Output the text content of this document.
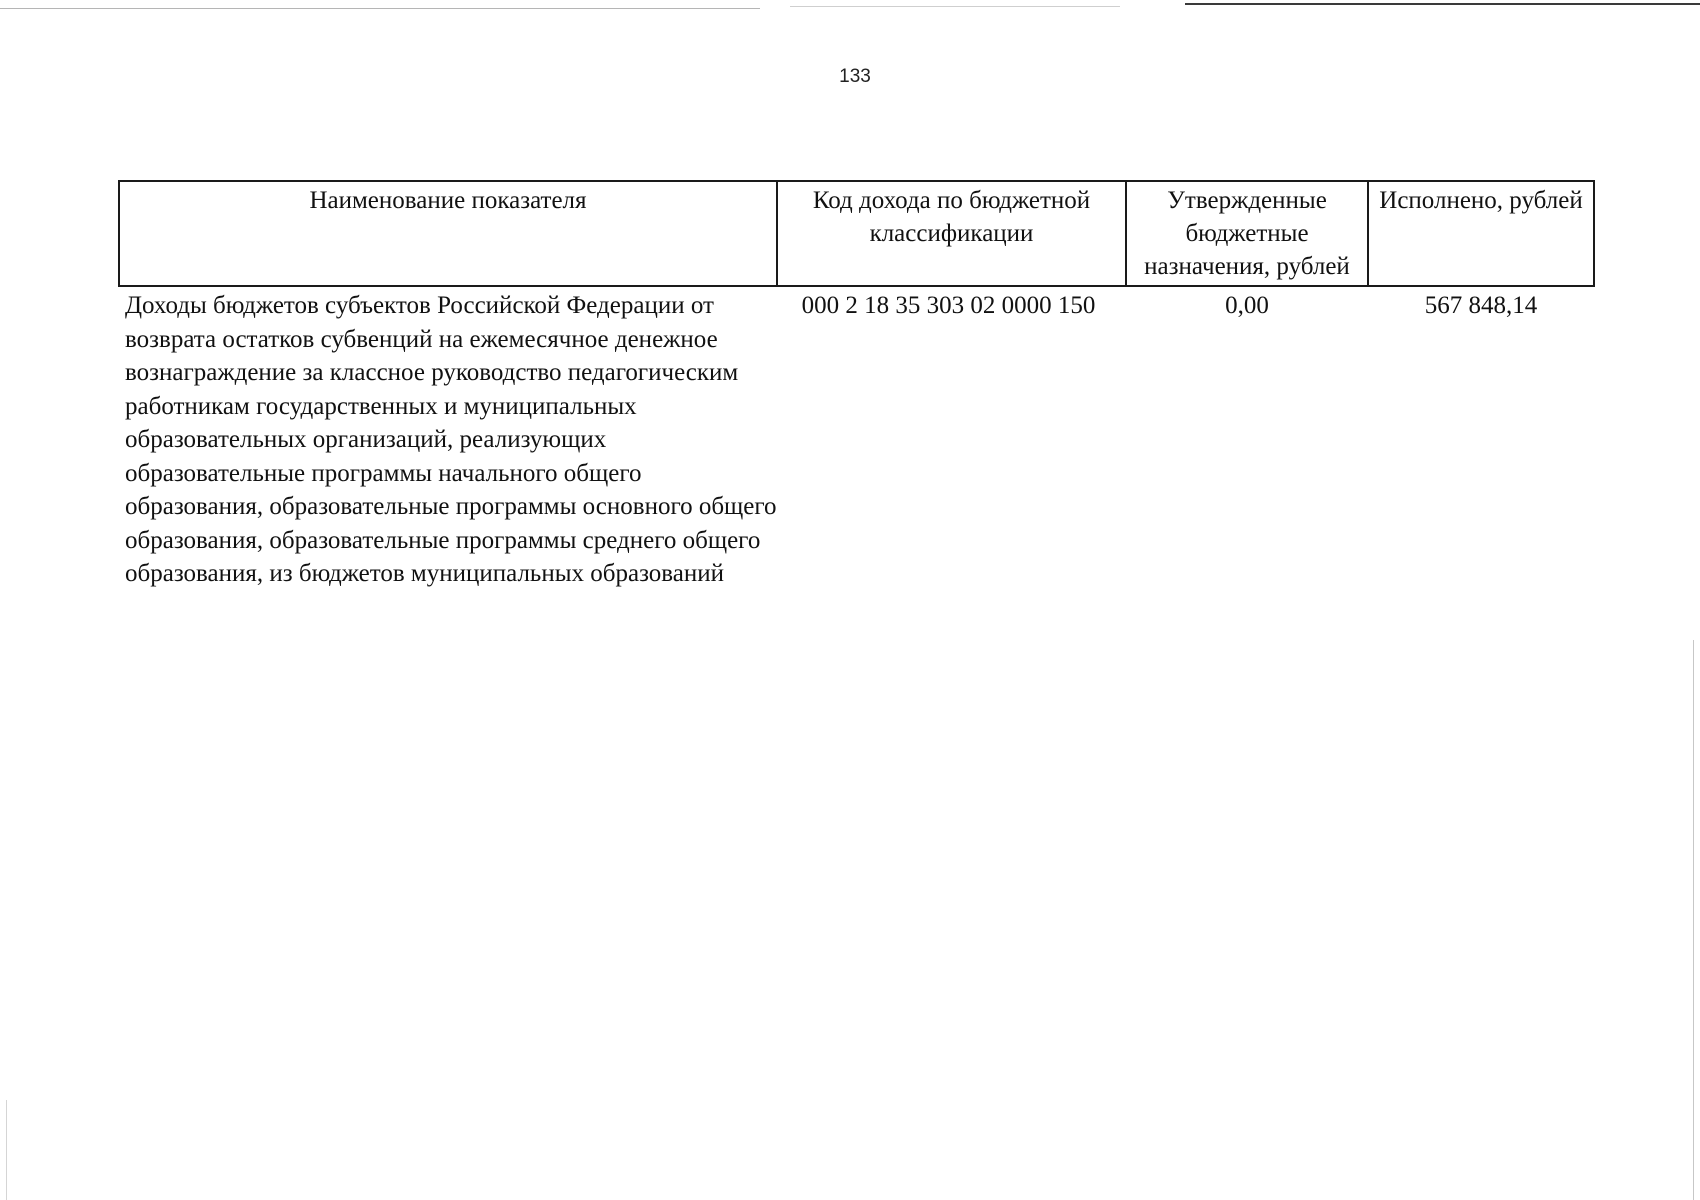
133
Наименование показателя	Код дохода по бюджетной классификации	Утвержденные бюджетные назначения, рублей	Исполнено, рублей
Доходы бюджетов субъектов Российской Федерации от возврата остатков субвенций на ежемесячное денежное вознаграждение за классное руководство педагогическим работникам государственных и муниципальных образовательных организаций, реализующих образовательные программы начального общего образования, образовательные программы основного общего образования, образовательные программы среднего общего образования, из бюджетов муниципальных образований	000 2 18 35 303 02 0000 150	0,00	567 848,14
